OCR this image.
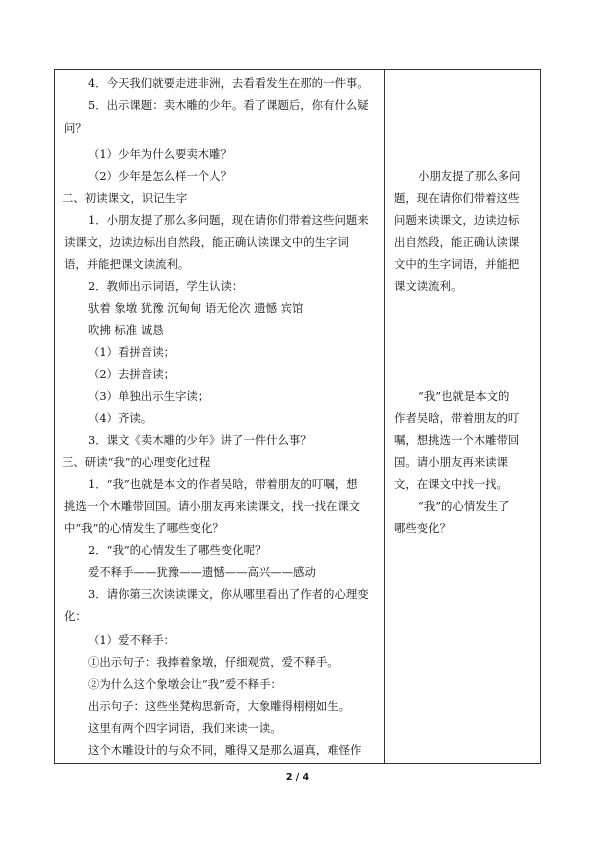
4．今天我们就要走进非洲，去看看发生在那的一件事。
5．出示课题：卖木雕的少年。看了课题后，你有什么疑
问？
（1）少年为什么要卖木雕？
（2）少年是怎么样一个人？
二、初读课文，识记生字
1．小朋友提了那么多问题，现在请你们带着这些问题来
读课文，边读边标出自然段，能正确认读课文中的生字词
语，并能把课文读流利。
2．教师出示词语，学生认读：
驮着 象墩 犹豫 沉甸甸 语无伦次 遗憾 宾馆
吹拂 标准 诚恳
（1）看拼音读；
（2）去拼音读；
（3）单独出示生字读；
（4）齐读。
3．课文《卖木雕的少年》讲了一件什么事？
三、研读“我”的心理变化过程
1．“我”也就是本文的作者吴晗，带着朋友的叮嘱，想
挑选一个木雕带回国。请小朋友再来读课文，找一找在课文
中“我”的心情发生了哪些变化？
2．“我”的心情发生了哪些变化呢？
爱不释手——犹豫——遗憾——高兴——感动
3．请你第三次读读课文，你从哪里看出了作者的心理变
化：
（1）爱不释手：
①出示句子：我捧着象墩，仔细观赏，爱不释手。
②为什么这个象墩会让“我”爱不释手：
出示句子：这些坐凳构思新奇，大象雕得栩栩如生。
这里有两个四字词语，我们来读一读。
这个木雕设计的与众不同，雕得又是那么逼真，难怪作
小朋友提了那么多问
题，现在请你们带着这些
问题来读课文，边读边标
出自然段，能正确认读课
文中的生字词语，并能把
课文读流利。
“我”也就是本文的
作者吴晗，带着朋友的叮
嘱，想挑选一个木雕带回
国。请小朋友再来读课
文，在课文中找一找。
“我”的心情发生了
哪些变化？
2 / 4
